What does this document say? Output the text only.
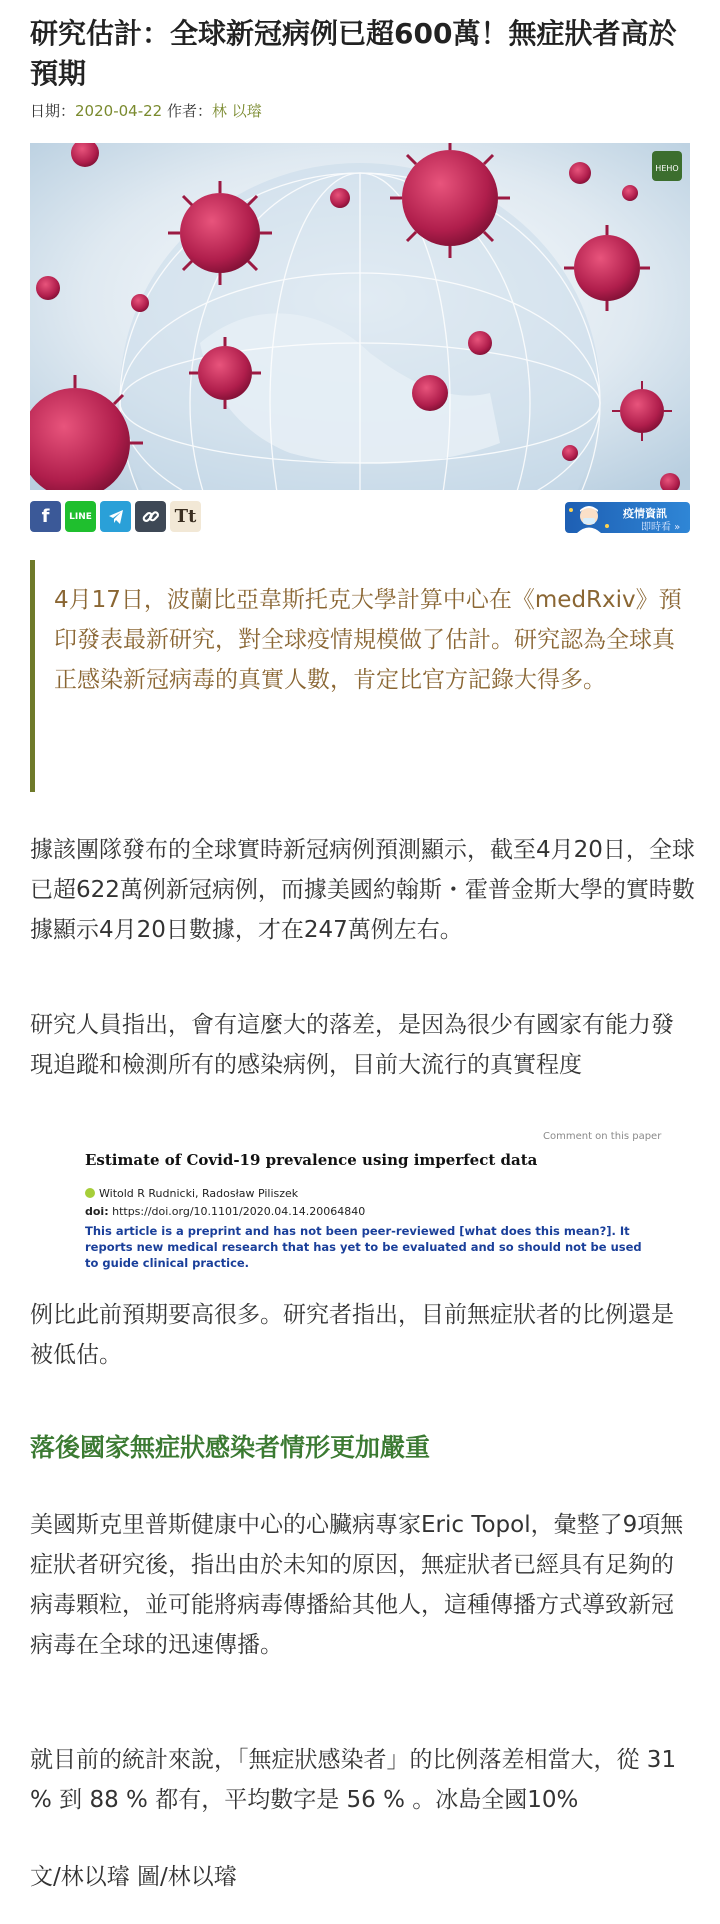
研究估計：全球新冠病例已超600萬！無症狀者高於預期
日期：2020-04-22 作者：林 以璿
HEHO
f	LINE	Tt	疫情資訊
即時看 »

4月17日，波蘭比亞韋斯托克大學計算中心在《medRxiv》預印發表最新研究，對全球疫情規模做了估計。研究認為全球真正感染新冠病毒的真實人數，肯定比官方記錄大得多。

據該團隊發布的全球實時新冠病例預測顯示，截至4月20日，全球已超622萬例新冠病例，而據美國約翰斯・霍普金斯大學的實時數據顯示4月20日數據，才在247萬例左右。
研究人員指出，會有這麼大的落差，是因為很少有國家有能力發現追蹤和檢測所有的感染病例，目前大流行的真實程度
Comment on this paper
Estimate of Covid-19 prevalence using imperfect data
Witold R Rudnicki, Radosław Piliszek
doi: https://doi.org/10.1101/2020.04.14.20064840
This article is a preprint and has not been peer-reviewed [what does this mean?]. It reports new medical research that has yet to be evaluated and so should not be used to guide clinical practice.
例比此前預期要高很多。研究者指出，目前無症狀者的比例還是被低估。
落後國家無症狀感染者情形更加嚴重
美國斯克里普斯健康中心的心臟病專家Eric Topol，彙整了9項無症狀者研究後，指出由於未知的原因，無症狀者已經具有足夠的病毒顆粒，並可能將病毒傳播給其他人，這種傳播方式導致新冠病毒在全球的迅速傳播。
就目前的統計來說，「無症狀感染者」的比例落差相當大，從 31 % 到 88 % 都有，平均數字是 56 % 。冰島全國10%
文/林以璿 圖/林以璿
